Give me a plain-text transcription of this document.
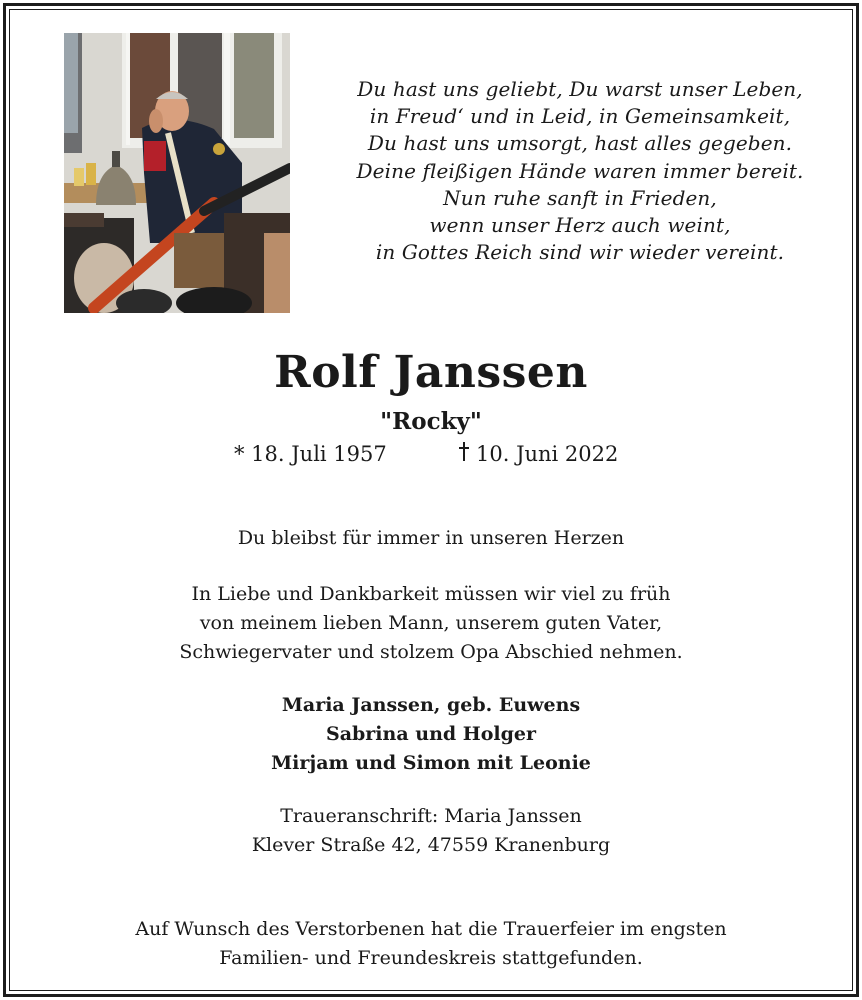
Du hast uns geliebt, Du warst unser Leben,
in Freud‘ und in Leid, in Gemeinsamkeit,
Du hast uns umsorgt, hast alles gegeben.
Deine fleißigen Hände waren immer bereit.
Nun ruhe sanft in Frieden,
wenn unser Herz auch weint,
in Gottes Reich sind wir wieder vereint.
Rolf Janssen
"Rocky"
* 18. Juli 1957	10. Juni 2022
Du bleibst für immer in unseren Herzen
In Liebe und Dankbarkeit müssen wir viel zu früh
von meinem lieben Mann, unserem guten Vater,
Schwiegervater und stolzem Opa Abschied nehmen.
Maria Janssen, geb. Euwens
Sabrina und Holger
Mirjam und Simon mit Leonie
Traueranschrift: Maria Janssen
Klever Straße 42, 47559 Kranenburg
Auf Wunsch des Verstorbenen hat die Trauerfeier im engsten
Familien- und Freundeskreis stattgefunden.
